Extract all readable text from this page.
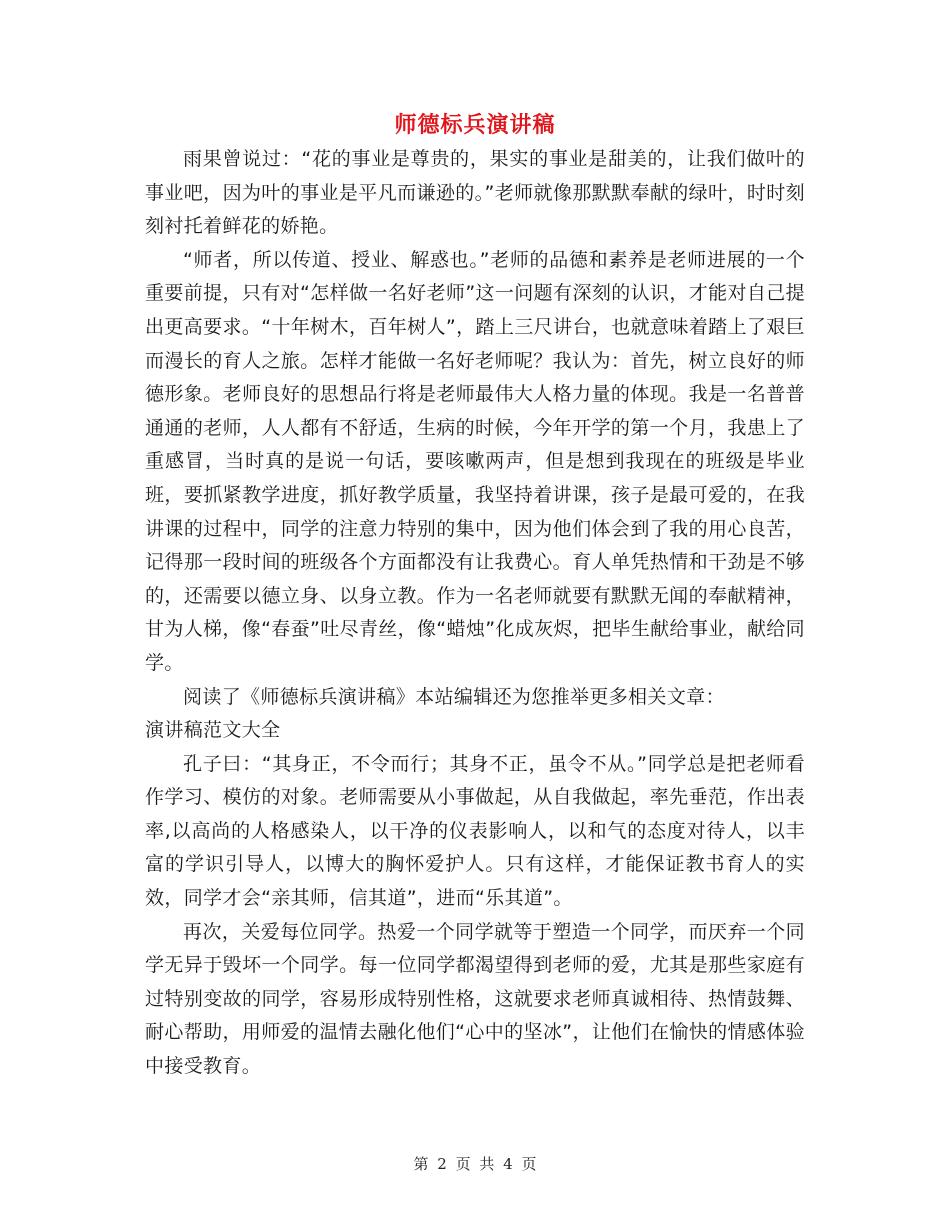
师德标兵演讲稿

雨果曾说过：“花的事业是尊贵的，果实的事业是甜美的，让我们做叶的事业吧，因为叶的事业是平凡而谦逊的。”老师就像那默默奉献的绿叶，时时刻刻衬托着鲜花的娇艳。

“师者，所以传道、授业、解惑也。”老师的品德和素养是老师进展的一个重要前提，只有对“怎样做一名好老师”这一问题有深刻的认识，才能对自己提出更高要求。“十年树木，百年树人”，踏上三尺讲台，也就意味着踏上了艰巨而漫长的育人之旅。怎样才能做一名好老师呢？我认为：首先，树立良好的师德形象。老师良好的思想品行将是老师最伟大人格力量的体现。我是一名普普通通的老师，人人都有不舒适，生病的时候，今年开学的第一个月，我患上了重感冒，当时真的是说一句话，要咳嗽两声，但是想到我现在的班级是毕业班，要抓紧教学进度，抓好教学质量，我坚持着讲课，孩子是最可爱的，在我讲课的过程中，同学的注意力特别的集中，因为他们体会到了我的用心良苦，记得那一段时间的班级各个方面都没有让我费心。育人单凭热情和干劲是不够的，还需要以德立身、以身立教。作为一名老师就要有默默无闻的奉献精神，甘为人梯，像“春蚕”吐尽青丝，像“蜡烛”化成灰烬，把毕生献给事业，献给同学。

阅读了《师德标兵演讲稿》本站编辑还为您推举更多相关文章：

演讲稿范文大全

孔子曰：“其身正，不令而行；其身不正，虽令不从。”同学总是把老师看作学习、模仿的对象。老师需要从小事做起，从自我做起，率先垂范，作出表率,以高尚的人格感染人，以干净的仪表影响人，以和气的态度对待人，以丰富的学识引导人，以博大的胸怀爱护人。只有这样，才能保证教书育人的实效，同学才会“亲其师，信其道”，进而“乐其道”。

再次，关爱每位同学。热爱一个同学就等于塑造一个同学，而厌弃一个同学无异于毁坏一个同学。每一位同学都渴望得到老师的爱，尤其是那些家庭有过特别变故的同学，容易形成特别性格，这就要求老师真诚相待、热情鼓舞、耐心帮助，用师爱的温情去融化他们“心中的坚冰”，让他们在愉快的情感体验中接受教育。

第 2 页 共 4 页
